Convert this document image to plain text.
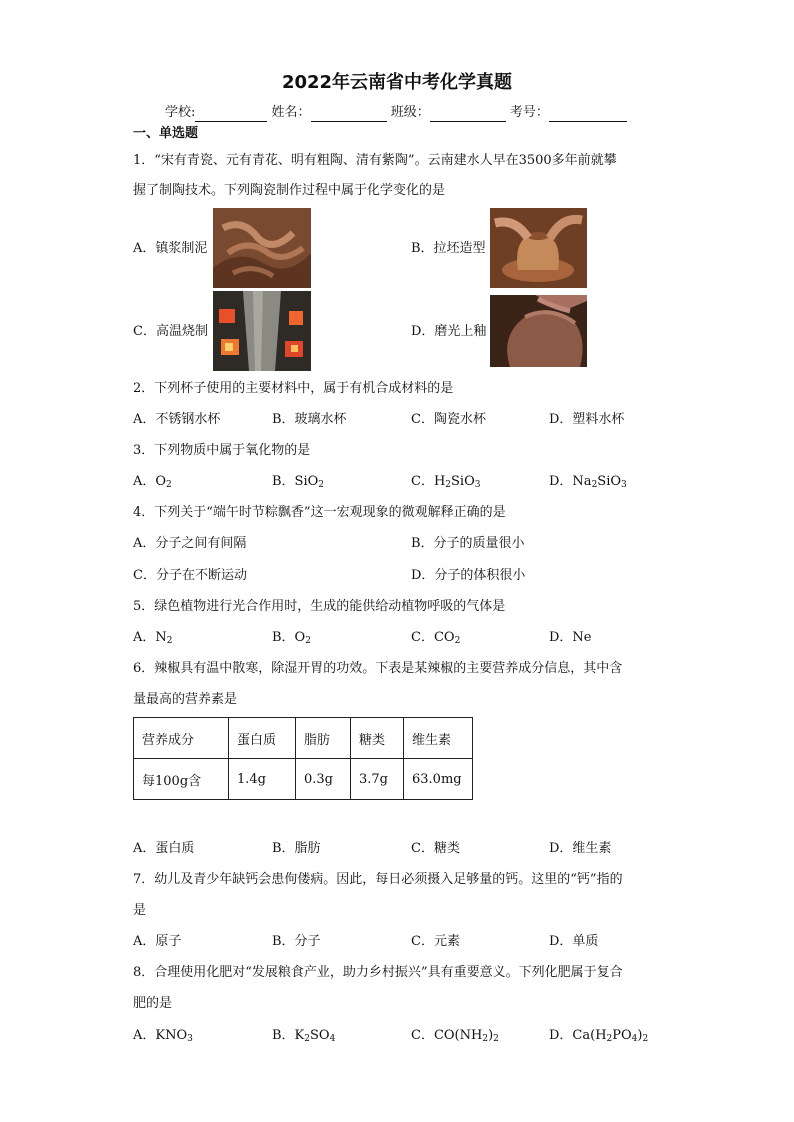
2022年云南省中考化学真题
学校:	姓名：	班级：	考号：
一、单选题
1．“宋有青瓷、元有青花、明有粗陶、清有紫陶”。云南建水人早在3500多年前就攀
握了制陶技术。下列陶瓷制作过程中属于化学变化的是
A．镇浆制泥	B．拉坯造型
C．高温烧制	D．磨光上釉
2．下列杯子使用的主要材料中，属于有机合成材料的是
A．不锈钢水杯	B．玻璃水杯	C．陶瓷水杯	D．塑料水杯
3．下列物质中属于氧化物的是
A．$O_2$	B．SiO$_2$	C．$H_2SiO_3$	D．$Na_2SiO_3$
4．下列关于“端午时节粽飘香”这一宏观现象的微观解释正确的是
A．分子之间有间隔	B．分子的质量很小
C．分子在不断运动	D．分子的体积很小
5．绿色植物进行光合作用时，生成的能供给动植物呼吸的气体是
A．$N_2$	B．$O_2$	C．$CO_2$	D．Ne
6．辣椒具有温中散寒，除湿开胃的功效。下表是某辣椒的主要营养成分信息，其中含
量最高的营养素是
营养成分	蛋白质	脂肪	糖类	维生素
每100g含	1.4g	0.3g	3.7g	63.0mg
A．蛋白质	B．脂肪	C．糖类	D．维生素
7．幼儿及青少年缺钙会患佝偻病。因此，每日必须摄入足够量的钙。这里的“钙”指的
是
A．原子	B．分子	C．元素	D．单质
8．合理使用化肥对“发展粮食产业，助力乡村振兴”具有重要意义。下列化肥属于复合
肥的是
A．$KNO_3$	B．$K_2SO_4$	C．$CO(NH_2)_2$	D．$Ca(H_2PO_4)_2$
